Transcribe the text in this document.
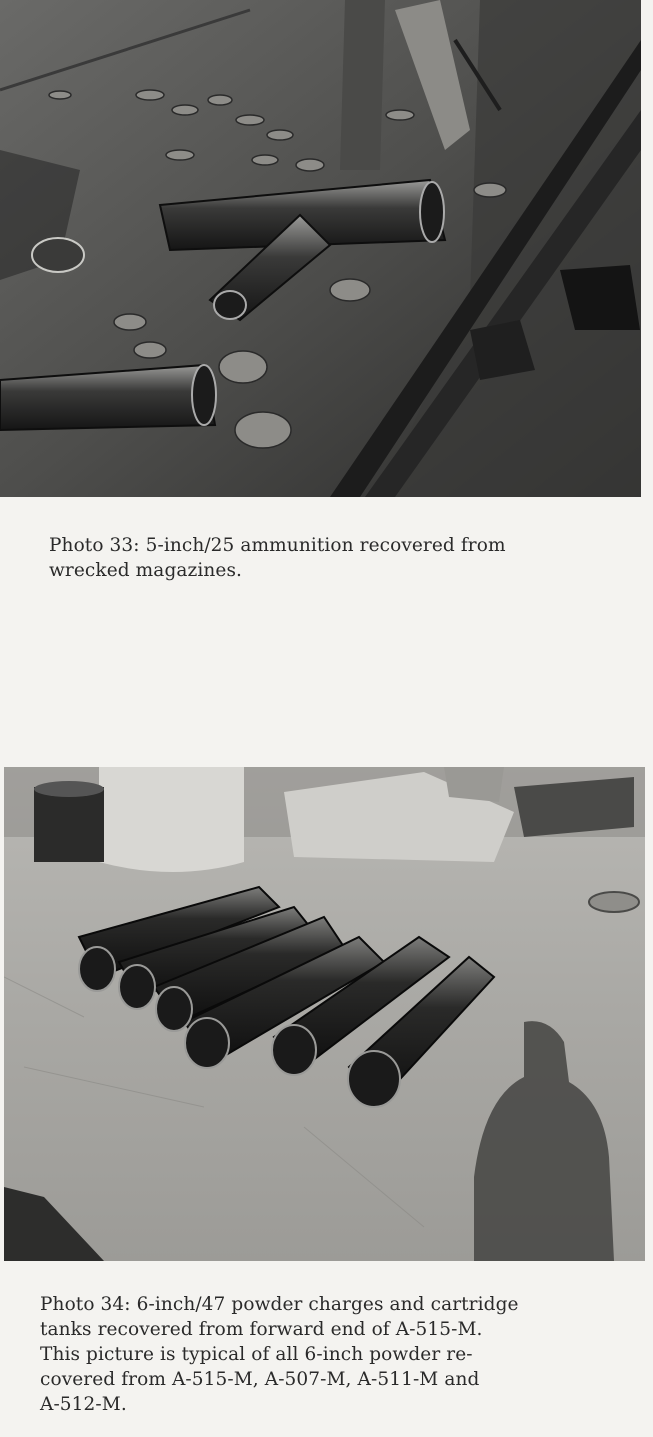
Photo 33: 5-inch/25 ammunition recovered from
wrecked magazines.
Photo 34: 6-inch/47 powder charges and cartridge
tanks recovered from forward end of A-515-M.
This picture is typical of all 6-inch powder re-
covered from A-515-M, A-507-M, A-511-M and
A-512-M.
